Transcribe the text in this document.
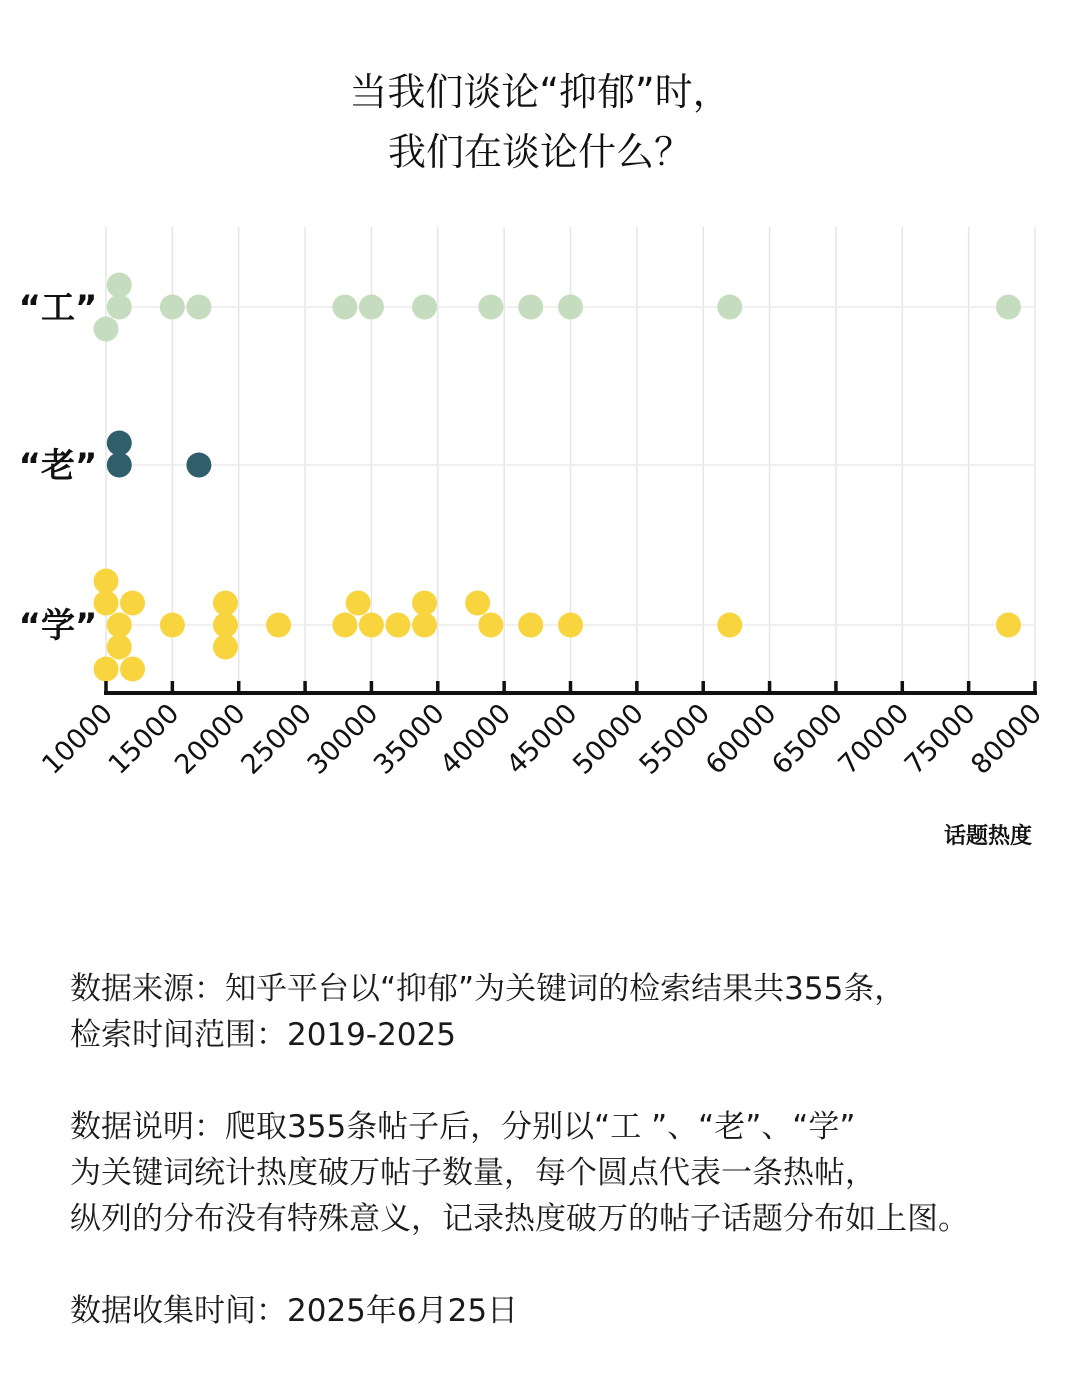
当我们谈论“抑郁”时，
我们在谈论什么？
10000
15000
20000
25000
30000
35000
40000
45000
50000
55000
60000
65000
70000
75000
80000
“工”
“老”
“学”
话题热度
数据来源：知乎平台以“抑郁”为关键词的检索结果共355条，
检索时间范围：2019-2025
数据说明：爬取355条帖子后，分别以“工 ”、“老”、“学”
为关键词统计热度破万帖子数量，每个圆点代表一条热帖，
纵列的分布没有特殊意义，记录热度破万的帖子话题分布如上图。
数据收集时间：2025年6月25日
